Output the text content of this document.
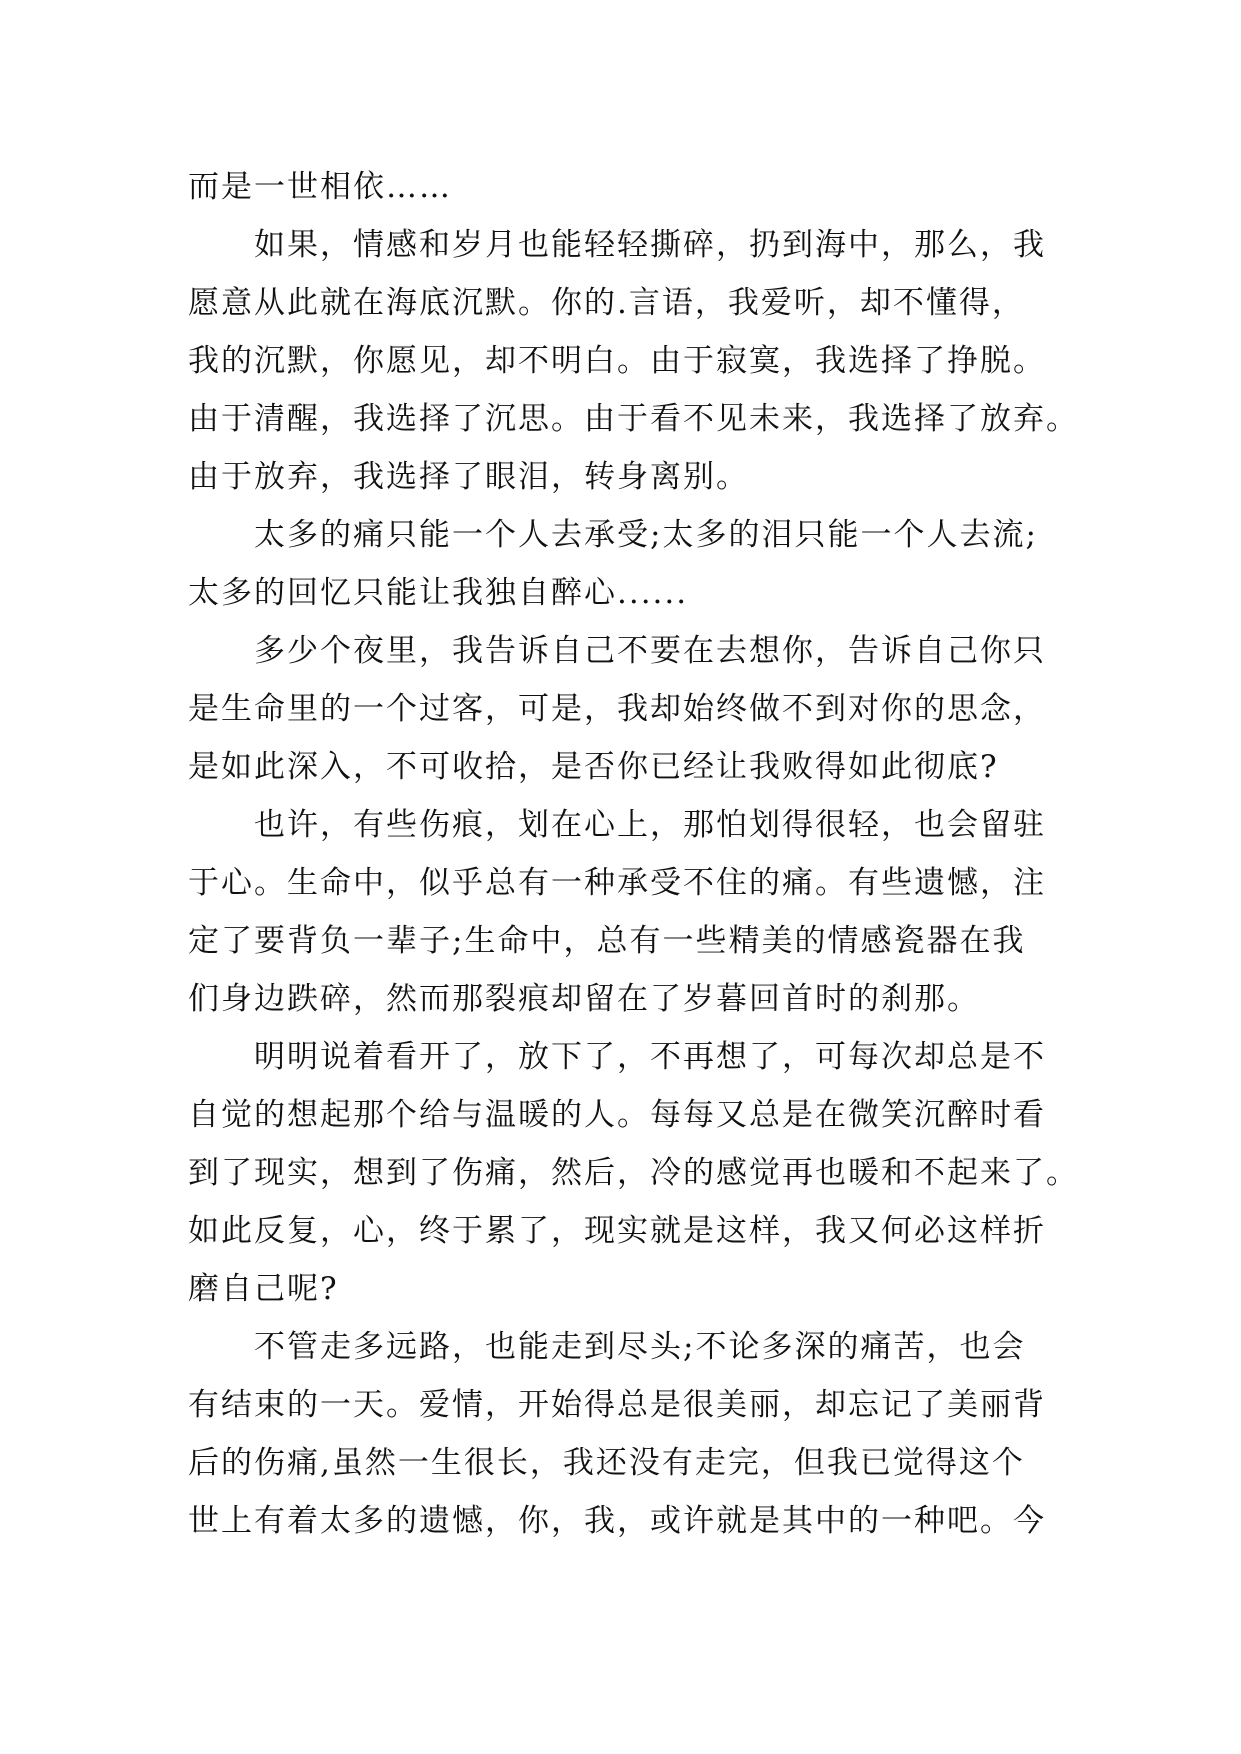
而是一世相依……
如果，情感和岁月也能轻轻撕碎，扔到海中，那么，我
愿意从此就在海底沉默。你的.言语，我爱听，却不懂得，
我的沉默，你愿见，却不明白。由于寂寞，我选择了挣脱。
由于清醒，我选择了沉思。由于看不见未来，我选择了放弃。
由于放弃，我选择了眼泪，转身离别。
太多的痛只能一个人去承受;太多的泪只能一个人去流;
太多的回忆只能让我独自醉心......
多少个夜里，我告诉自己不要在去想你，告诉自己你只
是生命里的一个过客，可是，我却始终做不到对你的思念，
是如此深入，不可收拾，是否你已经让我败得如此彻底?
也许，有些伤痕，划在心上，那怕划得很轻，也会留驻
于心。生命中，似乎总有一种承受不住的痛。有些遗憾，注
定了要背负一辈子;生命中，总有一些精美的情感瓷器在我
们身边跌碎，然而那裂痕却留在了岁暮回首时的刹那。
明明说着看开了，放下了，不再想了，可每次却总是不
自觉的想起那个给与温暖的人。每每又总是在微笑沉醉时看
到了现实，想到了伤痛，然后，冷的感觉再也暖和不起来了。
如此反复，心，终于累了，现实就是这样，我又何必这样折
磨自己呢?
不管走多远路，也能走到尽头;不论多深的痛苦，也会
有结束的一天。爱情，开始得总是很美丽，却忘记了美丽背
后的伤痛,虽然一生很长，我还没有走完，但我已觉得这个
世上有着太多的遗憾，你，我，或许就是其中的一种吧。今
